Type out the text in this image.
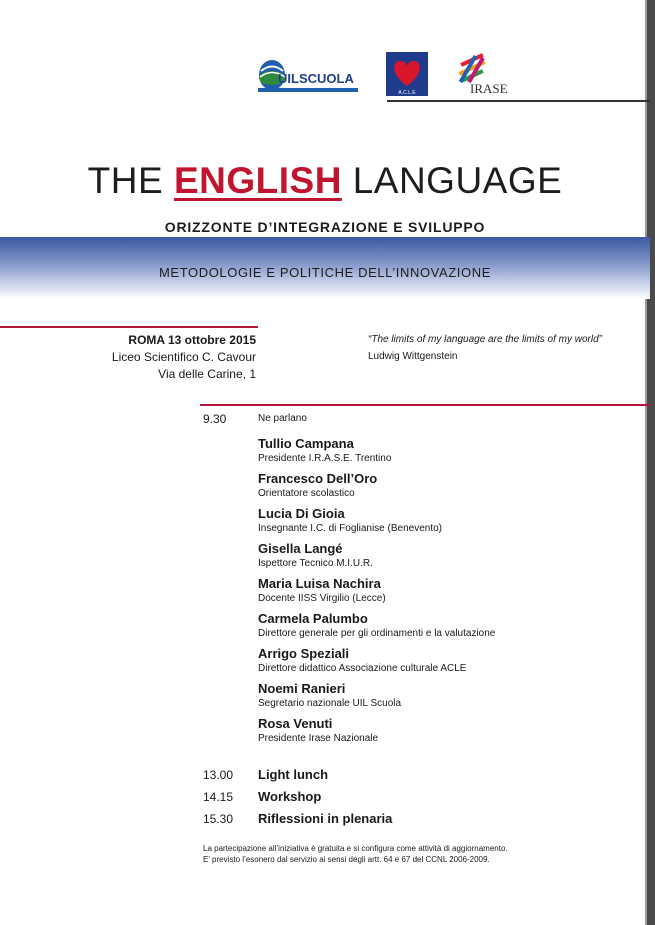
UILSCUOLA
A.C.L.E	IRASE
THE ENGLISH LANGUAGE
ORIZZONTE D’INTEGRAZIONE E SVILUPPO
METODOLOGIE E POLITICHE DELL’INNOVAZIONE
ROMA 13 ottobre 2015
Liceo Scientifico C. Cavour
Via delle Carine, 1
“The limits of my language are the limits of my world”
Ludwig Wittgenstein
9.30	Ne parlano
Tullio Campana
Presidente I.R.A.S.E. Trentino
Francesco Dell’Oro
Orientatore scolastico
Lucia Di Gioia
Insegnante I.C. di Foglianise (Benevento)
Gisella Langé
Ispettore Tecnico M.I.U.R.
Maria Luisa Nachira
Docente IISS Virgilio (Lecce)
Carmela Palumbo
Direttore generale per gli ordinamenti e la valutazione
Arrigo Speziali
Direttore didattico Associazione culturale ACLE
Noemi Ranieri
Segretario nazionale UIL Scuola
Rosa Venuti
Presidente Irase Nazionale
13.00 Light lunch
14.15 Workshop
15.30 Riflessioni in plenaria
La partecipazione all’iniziativa è gratuita e si configura come attività di aggiornamento.
E’ previsto l’esonero dal servizio ai sensi degli artt. 64 e 67 del CCNL 2006-2009.
